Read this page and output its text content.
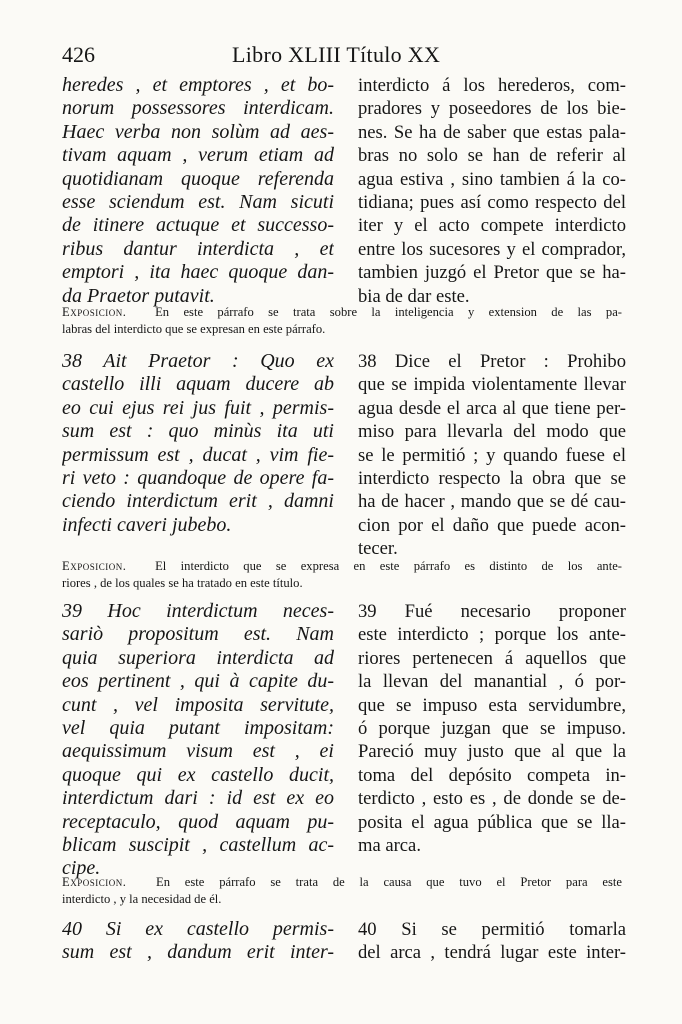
426	Libro XLIII Título XX
heredes , et emptores , et bo-
norum possessores interdicam.
Haec verba non solùm ad aes-
tivam aquam , verum etiam ad
quotidianam quoque referenda
esse sciendum est. Nam sicuti
de itinere actuque et successo-
ribus dantur interdicta , et
emptori , ita haec quoque dan-
da Praetor putavit.
interdicto á los herederos, com-
pradores y poseedores de los bie-
nes. Se ha de saber que estas pala-
bras no solo se han de referir al
agua estiva , sino tambien á la co-
tidiana; pues así como respecto del
iter y el acto compete interdicto
entre los sucesores y el comprador,
tambien juzgó el Pretor que se ha-
bia de dar este.
Exposicion. En este párrafo se trata sobre la inteligencia y extension de las pa-
labras del interdicto que se expresan en este párrafo.
38 Ait Praetor : Quo ex
castello illi aquam ducere ab
eo cui ejus rei jus fuit , permis-
sum est : quo minùs ita uti
permissum est , ducat , vim fie-
ri veto : quandoque de opere fa-
ciendo interdictum erit , damni
infecti caveri jubebo.
38 Dice el Pretor : Prohibo
que se impida violentamente llevar
agua desde el arca al que tiene per-
miso para llevarla del modo que
se le permitió ; y quando fuese el
interdicto respecto la obra que se
ha de hacer , mando que se dé cau-
cion por el daño que puede acon-
tecer.
Exposicion. El interdicto que se expresa en este párrafo es distinto de los ante-
riores , de los quales se ha tratado en este título.
39 Hoc interdictum neces-
sariò propositum est. Nam
quia superiora interdicta ad
eos pertinent , qui à capite du-
cunt , vel imposita servitute,
vel quia putant impositam:
aequissimum visum est , ei
quoque qui ex castello ducit,
interdictum dari : id est ex eo
receptaculo, quod aquam pu-
blicam suscipit , castellum ac-
cipe.
39 Fué necesario proponer
este interdicto ; porque los ante-
riores pertenecen á aquellos que
la llevan del manantial , ó por-
que se impuso esta servidumbre,
ó porque juzgan que se impuso.
Pareció muy justo que al que la
toma del depósito competa in-
terdicto , esto es , de donde se de-
posita el agua pública que se lla-
ma arca.
Exposicion. En este párrafo se trata de la causa que tuvo el Pretor para este
interdicto , y la necesidad de él.
40 Si ex castello permis-
sum est , dandum erit inter-
40 Si se permitió tomarla
del arca , tendrá lugar este inter-
